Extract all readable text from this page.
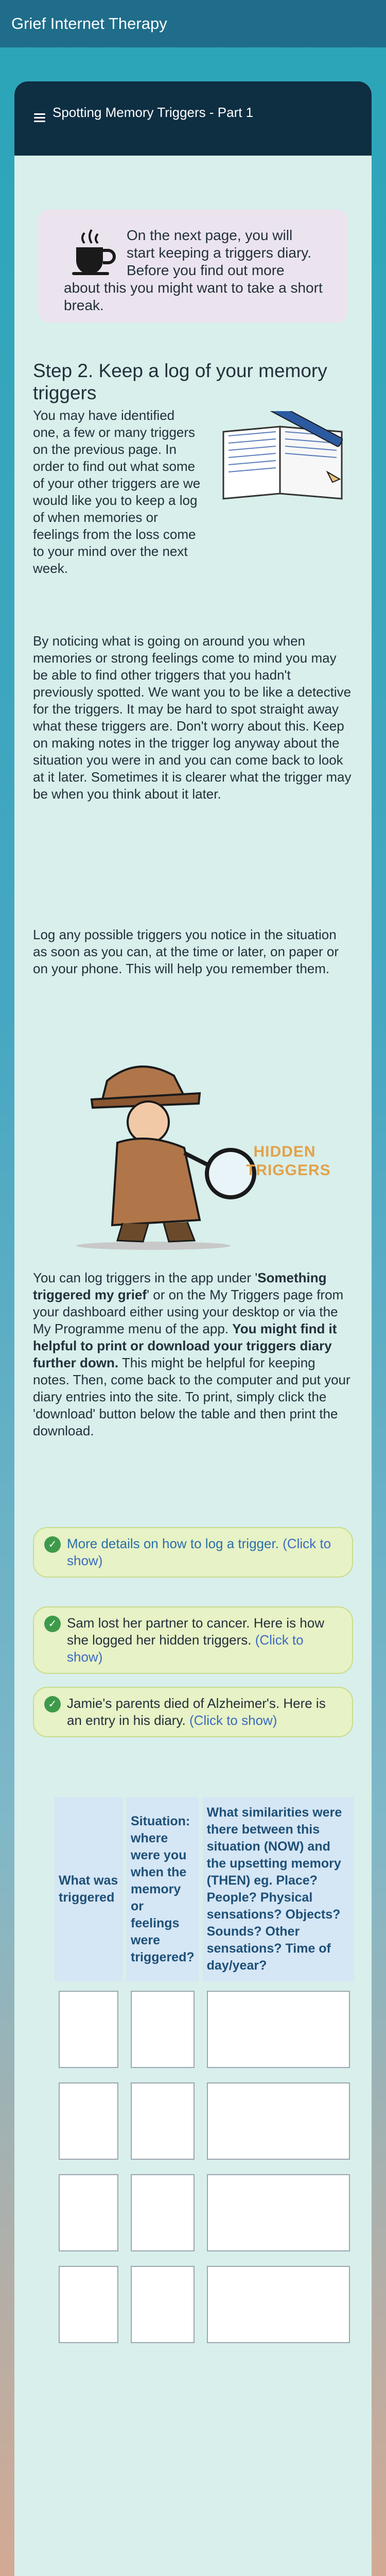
Grief Internet Therapy
Spotting Memory Triggers - Part 1
On the next page, you will start keeping a triggers diary. Before you find out more about this you might want to take a short break.
Step 2. Keep a log of your memory triggers
You may have identified one, a few or many triggers on the previous page. In order to find out what some of your other triggers are we would like you to keep a log of when memories or feelings from the loss come to your mind over the next week.
By noticing what is going on around you when memories or strong feelings come to mind you may be able to find other triggers that you hadn't previously spotted. We want you to be like a detective for the triggers. It may be hard to spot straight away what these triggers are. Don't worry about this. Keep on making notes in the trigger log anyway about the situation you were in and you can come back to look at it later. Sometimes it is clearer what the trigger may be when you think about it later.
Log any possible triggers you notice in the situation as soon as you can, at the time or later, on paper or on your phone. This will help you remember them.
HIDDEN TRIGGERS
You can log triggers in the app under 'Something triggered my grief' or on the My Triggers page from your dashboard either using your desktop or via the My Programme menu of the app. You might find it helpful to print or download your triggers diary further down. This might be helpful for keeping notes. Then, come back to the computer and put your diary entries into the site. To print, simply click the 'download' button below the table and then print the download.
✓ More details on how to log a trigger. (Click to show)
✓ Sam lost her partner to cancer. Here is how she logged her hidden triggers. (Click to show)
✓ Jamie's parents died of Alzheimer's. Here is an entry in his diary. (Click to show)
What was triggered	Situation: where were you when the memory or feelings were triggered?	What similarities were there between this situation (NOW) and the upsetting memory (THEN) eg. Place? People? Physical sensations? Objects? Sounds? Other sensations? Time of day/year?
